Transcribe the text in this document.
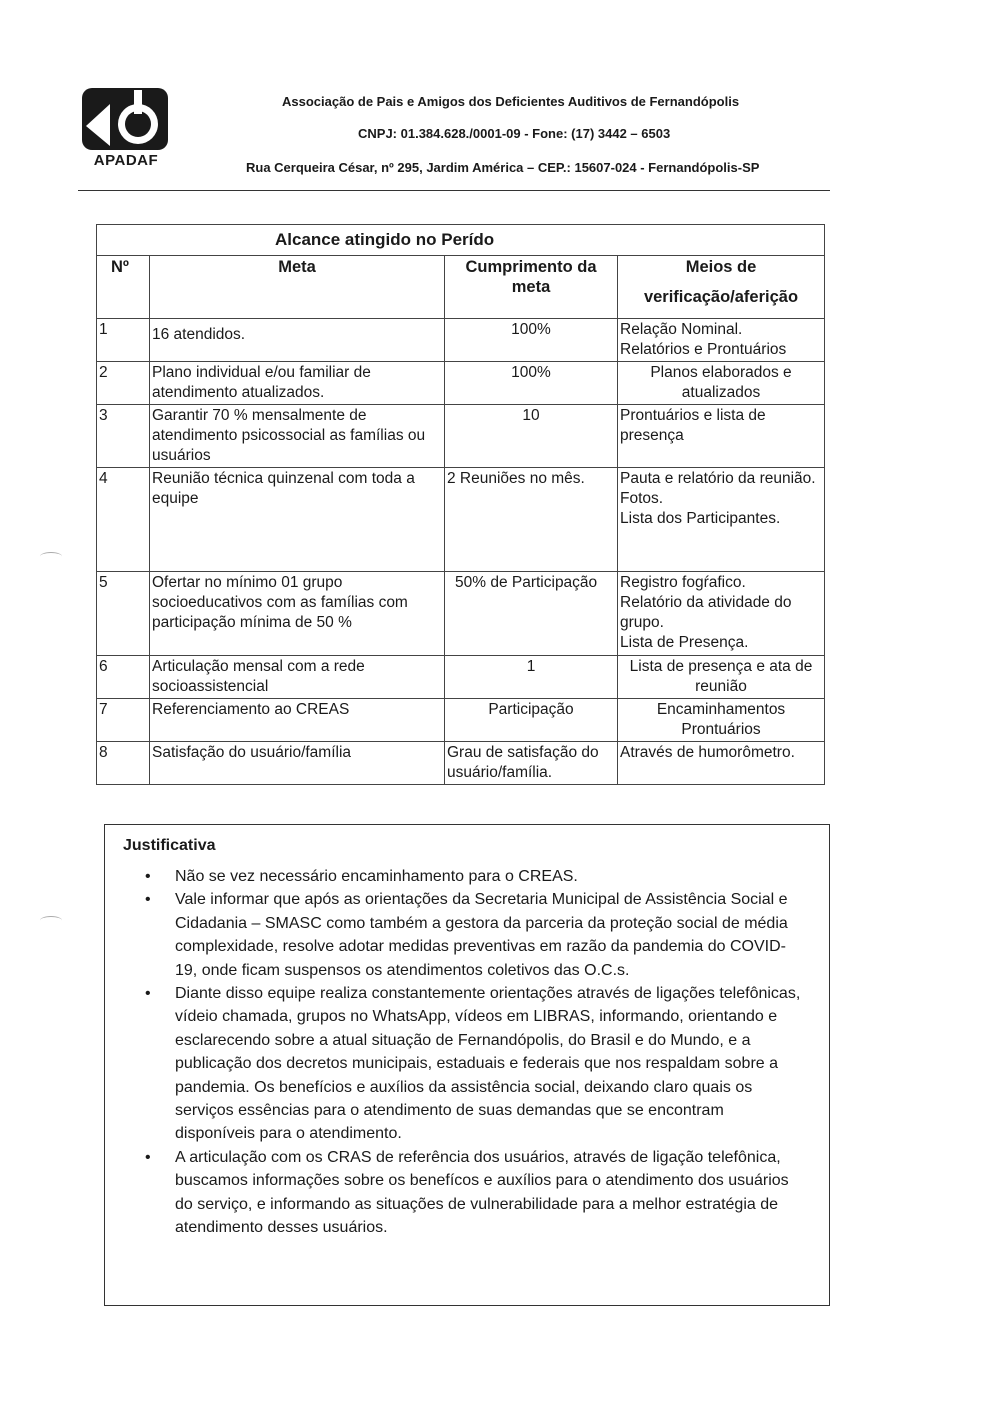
APADAF
Associação de Pais e Amigos dos Deficientes Auditivos de Fernandópolis
CNPJ: 01.384.628./0001-09 - Fone: (17) 3442 – 6503
Rua Cerqueira César, nº 295, Jardim América – CEP.: 15607-024 - Fernandópolis-SP
Alcance atingido no Perído			
Nº	Meta	Cumprimento da meta	Meios de
verificação/aferição

1	16 atendidos.	100%	Relação Nominal.
Relatórios e Prontuários
2	Plano individual e/ou familiar de atendimento atualizados.	100%	Planos elaborados e atualizados
3	Garantir 70 % mensalmente de atendimento psicossocial as famílias ou usuários	10	Prontuários e lista de presença
4	Reunião técnica quinzenal com toda a equipe	2 Reuniões no mês.	Pauta e relatório da reunião.
Fotos.
Lista dos Participantes.
5	Ofertar no mínimo 01 grupo socioeducativos com as famílias com participação mínima de 50 %	50% de Participação	Registro fogŕafico.
Relatório da atividade do grupo.
Lista de Presença.
6	Articulação mensal com a rede socioassistencial	1	Lista de presença e ata de reunião
7	Referenciamento ao CREAS	Participação	Encaminhamentos
Prontuários
8	Satisfação do usuário/família	Grau de satisfação do usuário/família.	Através de humorômetro.
Justificativa
• Não se vez necessário encaminhamento para o CREAS.
• Vale informar que após as orientações da Secretaria Municipal de Assistência Social e Cidadania – SMASC como também a gestora da parceria da proteção social de média complexidade, resolve adotar medidas preventivas em razão da pandemia do COVID-19, onde ficam suspensos os atendimentos coletivos das O.C.s.
• Diante disso equipe realiza constantemente orientações através de ligações telefônicas, vídeio chamada, grupos no WhatsApp, vídeos em LIBRAS, informando, orientando e esclarecendo sobre a atual situação de Fernandópolis, do Brasil e do Mundo, e a publicação dos decretos municipais, estaduais e federais que nos respaldam sobre a pandemia. Os benefícios e auxílios da assistência social, deixando claro quais os serviços essências para o atendimento de suas demandas que se encontram disponíveis para o atendimento.
• A articulação com os CRAS de referência dos usuários, através de ligação telefônica, buscamos informações sobre os benefícos e auxílios para o atendimento dos usuários do serviço, e informando as situações de vulnerabilidade para a melhor estratégia de atendimento desses usuários.
